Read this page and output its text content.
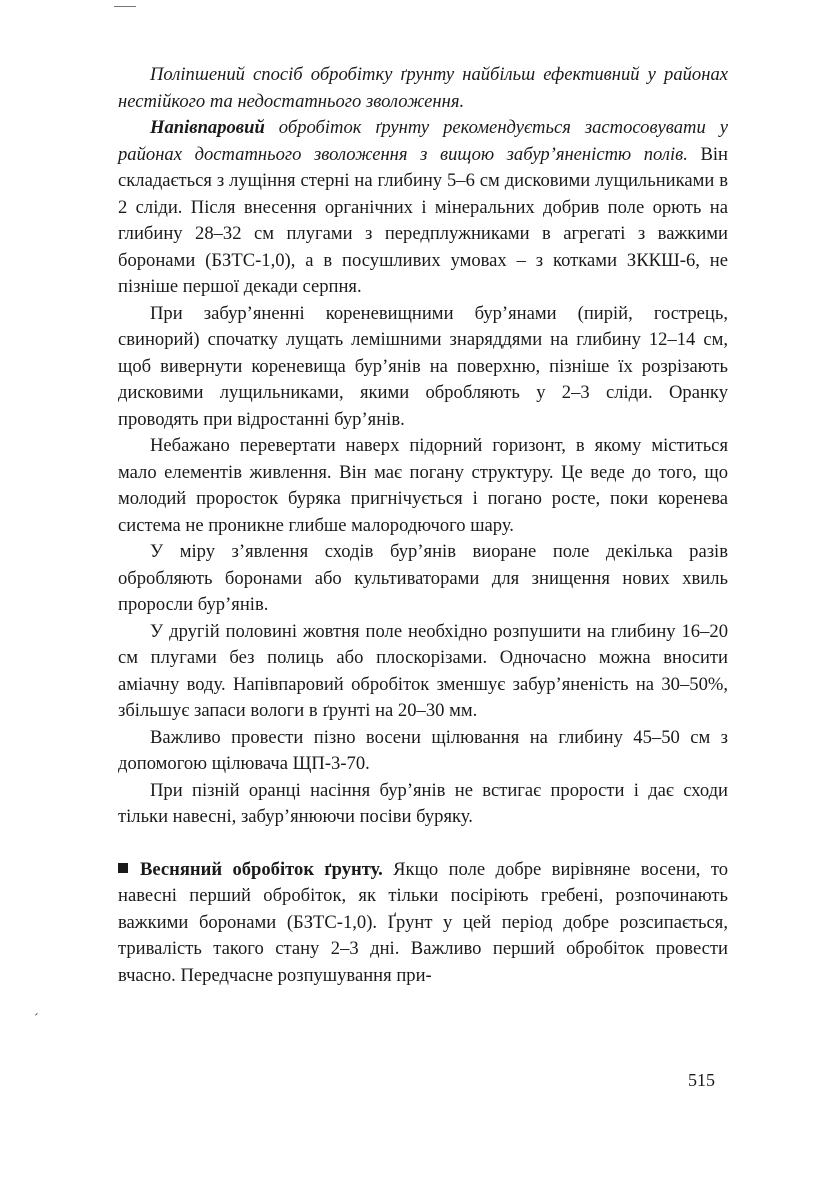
Поліпшений спосіб обробітку ґрунту найбільш ефективний у районах нестійкого та недостатнього зволоження.

Напівпаровий обробіток ґрунту рекомендується застосовувати у районах достатнього зволоження з вищою забур’яненістю полів. Він складається з лущіння стерні на глибину 5–6 см дисковими лущильниками в 2 сліди. Після внесення органічних і мінеральних добрив поле орють на глибину 28–32 см плугами з передплужниками в агрегаті з важкими боронами (БЗТС-1,0), а в посушливих умовах – з котками ЗККШ-6, не пізніше першої декади серпня.

При забур’яненні кореневищними бур’янами (пирій, гострець, свинорий) спочатку лущать лемішними знаряддями на глибину 12–14 см, щоб вивернути кореневища бур’янів на поверхню, пізніше їх розрізають дисковими лущильниками, якими обробляють у 2–3 сліди. Оранку проводять при відростанні бур’янів.

Небажано перевертати наверх підорний горизонт, в якому міститься мало елементів живлення. Він має погану структуру. Це веде до того, що молодий проросток буряка пригнічується і погано росте, поки коренева система не проникне глибше малородючого шару.

У міру з’явлення сходів бур’янів виоране поле декілька разів обробляють боронами або культиваторами для знищення нових хвиль проросли бур’янів.

У другій половині жовтня поле необхідно розпушити на глибину 16–20 см плугами без полиць або плоскорізами. Одночасно можна вносити аміачну воду. Напівпаровий обробіток зменшує забур’яненість на 30–50%, збільшує запаси вологи в ґрунті на 20–30 мм.

Важливо провести пізно восени щілювання на глибину 45–50 см з допомогою щілювача ЩП-3-70.

При пізній оранці насіння бур’янів не встигає прорости і дає сходи тільки навесні, забур’янюючи посіви буряку.

Весняний обробіток ґрунту. Якщо поле добре вирівняне восени, то навесні перший обробіток, як тільки посіріють гребені, розпочинають важкими боронами (БЗТС-1,0). Ґрунт у цей період добре розсипається, тривалість такого стану 2–3 дні. Важливо перший обробіток провести вчасно. Передчасне розпушування при-

ˊ
515
